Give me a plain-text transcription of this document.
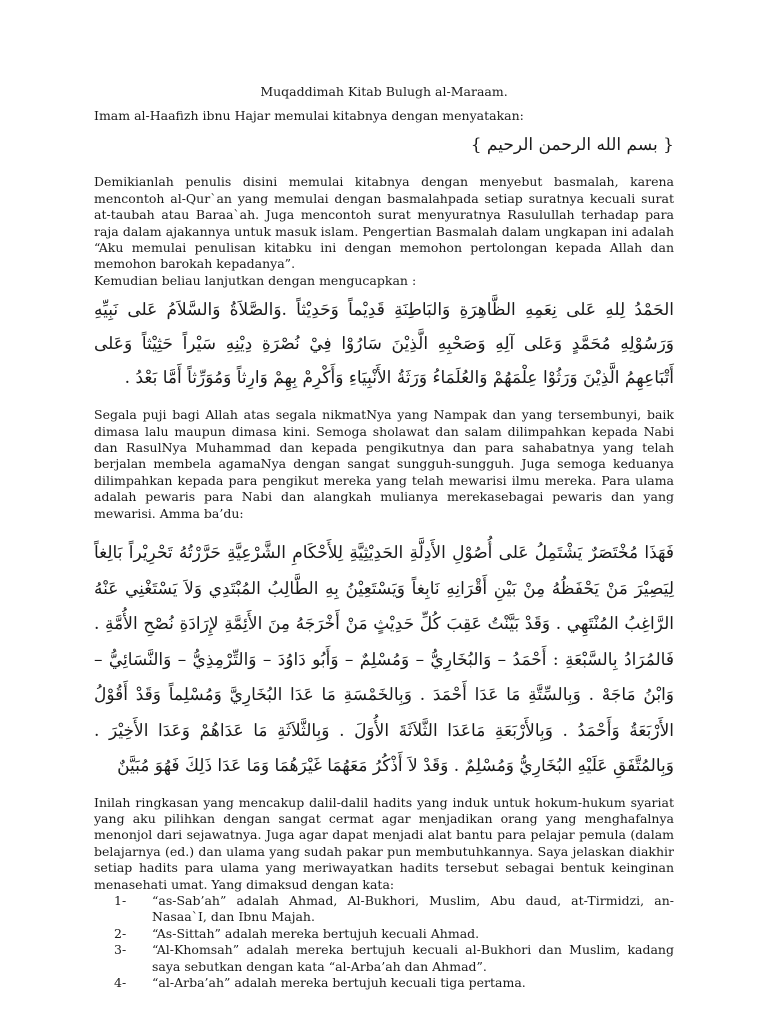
Muqaddimah Kitab Bulugh al-Maraam.

Imam al-Haafizh ibnu Hajar memulai kitabnya dengan menyatakan:

{ بسم الله الرحمن الرحيم }

Demikianlah penulis disini memulai kitabnya dengan menyebut basmalah, karena mencontoh al-Qur`an yang memulai dengan basmalahpada setiap suratnya kecuali surat at-taubah atau Baraa`ah. Juga mencontoh surat menyuratnya Rasulullah terhadap para raja dalam ajakannya untuk masuk islam. Pengertian Basmalah dalam ungkapan ini adalah “Aku memulai penulisan kitabku ini dengan memohon pertolongan kepada Allah dan memohon barokah kepadanya”.

Kemudian beliau lanjutkan dengan mengucapkan :

الحَمْدُ لِلهِ عَلى نِعَمِهِ الظَّاهِرَةِ وَالبَاطِنَةِ قَدِيْماً وَحَدِيْثاً .وَالصَّلاَةُ وَالسَّلاَمُ عَلى نَبِيِّهِ وَرَسُوْلِهِ مُحَمَّدٍ وَعَلى آلِهِ وَصَحْبِهِ الَّذِيْنَ سَارُوْا فِيْ نُصْرَةِ دِيْنِهِ سَيْراً حَثِيْثاً وَعَلى أَتْبَاعِهِمُ الَّذِيْنَ وَرَثُوْا عِلْمَهُمْ وَالعُلَمَاءُ وَرَثَةُ الأَنْبِيَاءِ وَأَكْرِمْ بِهِمْ وَارِثاً وَمُوَرِّثاً أَمَّا بَعْدُ .

Segala puji bagi Allah atas segala nikmatNya yang Nampak dan yang tersembunyi, baik dimasa lalu maupun dimasa kini. Semoga sholawat dan salam dilimpahkan kepada Nabi dan RasulNya Muhammad dan kepada pengikutnya dan para sahabatnya yang telah berjalan membela agamaNya dengan sangat sungguh-sungguh. Juga semoga keduanya dilimpahkan kepada para pengikut mereka yang telah mewarisi ilmu mereka. Para ulama adalah pewaris para Nabi dan alangkah mulianya merekasebagai pewaris dan yang mewarisi. Amma ba’du:

فَهَذَا مُخْتَصَرٌ يَشْتَمِلُ عَلى أُصُوْلِ الأَدِلَّةِ الحَدِيْثِيَّةِ لِلأَحْكَامِ الشَّرْعِيَّةِ حَرَّرْتُهُ تَحْرِيْراً بَالِغاً لِيَصِيْرَ مَنْ يَحْفَظُهُ مِنْ بَيْنِ أَقْرَانِهِ نَابِغاً وَيَسْتَعِيْنُ بِهِ الطَّالِبُ المُبْتَدِي وَلاَ يَسْتَغْنِي عَنْهُ الرَّاغِبُ المُنْتَهِي . وَقَدْ بَيَّنْتُ عَقِبَ كُلِّ حَدِيْثٍ مَنْ أَخْرَجَهُ مِنَ الأَئِمَّةِ لإِرَادَةِ نُصْحِ الأُمَّةِ . فَالمُرَادُ بِالسَّبْعَةِ : أَحْمَدُ – وَالبُخَارِيُّ – وَمُسْلِمٌ – وَأَبُو دَاوُدَ – وَالتِّرْمِذِيُّ – وَالنَّسَائِيُّ – وَابْنُ مَاجَهْ . وَبِالسِّتَّةِ مَا عَدَا أَحْمَدَ . وَبِالخَمْسَةِ مَا عَدَا البُخَارِيَّ وَمُسْلِماً وَقَدْ أَقُوْلُ الأَرْبَعَةُ وَأَحْمَدُ . وَبِالأَرْبَعَةِ مَاعَدَا الثَّلاَثَةَ الأُوَلَ . وَبِالثَّلاَثَةِ مَا عَدَاهُمْ وَعَدَا الأَخِيْرَ . وَبِالمُتَّفَقِ عَلَيْهِ البُخَارِيُّ وَمُسْلِمٌ . وَقَدْ لاَ أَذْكُرُ مَعَهُمَا غَيْرَهُمَا وَمَا عَدَا ذَلِكَ فَهُوَ مُبَيَّنٌ

Inilah ringkasan yang mencakup dalil-dalil hadits yang induk untuk hokum-hukum syariat yang aku pilihkan dengan sangat cermat agar menjadikan orang yang menghafalnya menonjol dari sejawatnya. Juga agar dapat menjadi alat bantu para pelajar pemula (dalam belajarnya (ed.) dan ulama yang sudah pakar pun membutuhkannya. Saya jelaskan diakhir setiap hadits para ulama yang meriwayatkan hadits tersebut sebagai bentuk keinginan menasehati umat. Yang dimaksud dengan kata:

1-	“as-Sab’ah” adalah Ahmad, Al-Bukhori, Muslim, Abu daud, at-Tirmidzi, an-Nasaa`I, dan Ibnu Majah.
2-	“As-Sittah” adalah mereka bertujuh kecuali Ahmad.
3-	“Al-Khomsah” adalah mereka bertujuh kecuali al-Bukhori dan Muslim, kadang saya sebutkan dengan kata “al-Arba’ah dan Ahmad”.
4-	“al-Arba’ah” adalah mereka bertujuh kecuali tiga pertama.
